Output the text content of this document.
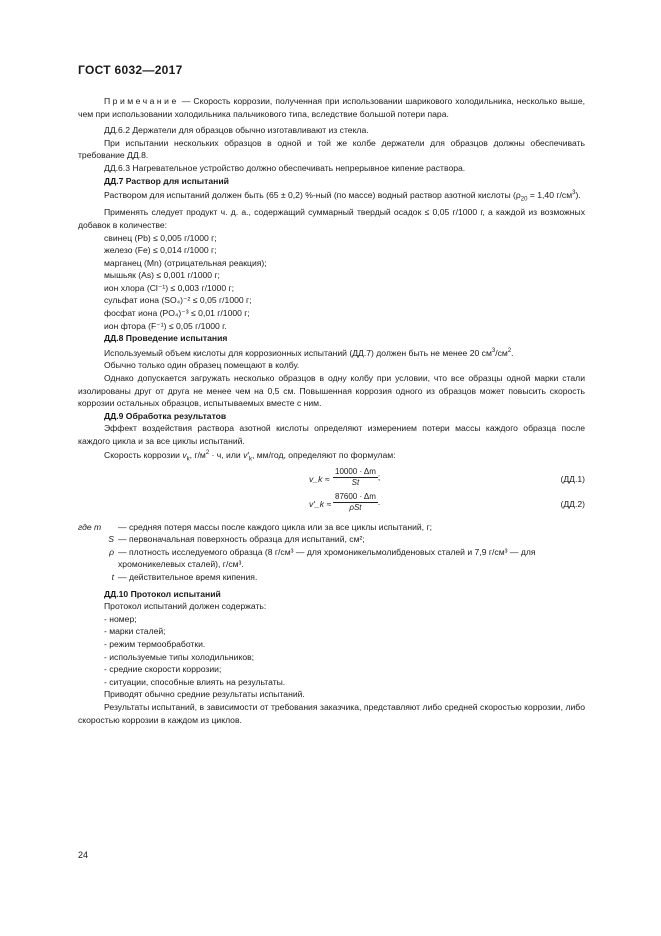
ГОСТ 6032—2017

Примечание — Скорость коррозии, полученная при использовании шарикового холодильника, несколько выше, чем при использовании холодильника пальчикового типа, вследствие большой потери пара.

ДД.6.2 Держатели для образцов обычно изготавливают из стекла.

При испытании нескольких образцов в одной и той же колбе держатели для образцов должны обеспечивать требование ДД.8.

ДД.6.3 Нагревательное устройство должно обеспечивать непрерывное кипение раствора.

ДД.7 Раствор для испытаний

Раствором для испытаний должен быть (65 ± 0,2) %-ный (по массе) водный раствор азотной кислоты ($\rho_{20} = 1,40$ $г/см^3$).

Применять следует продукт ч. д. а., содержащий суммарный твердый осадок ≤ 0,05 г/1000 г, а каждой из возможных добавок в количестве:

свинец (Pb) ≤ 0,005 г/1000 г;
железо (Fe) ≤ 0,014 г/1000 г;
марганец (Mn) (отрицательная реакция);
мышьяк (As) ≤ 0,001 г/1000 г;
ион хлора (Cl⁻¹) ≤ 0,003 г/1000 г;
сульфат иона (SO₄)⁻² ≤ 0,05 г/1000 г;
фосфат иона (PO₄)⁻³ ≤ 0,01 г/1000 г;
ион фтора (F⁻¹) ≤ 0,05 г/1000 г.

ДД.8 Проведение испытания

Используемый объем кислоты для коррозионных испытаний (ДД.7) должен быть не менее 20 $см^3/см^2$.

Обычно только один образец помещают в колбу.

Однако допускается загружать несколько образцов в одну колбу при условии, что все образцы одной марки стали изолированы друг от друга не менее чем на 0,5 см. Повышенная коррозия одного из образцов может повысить скорость коррозии остальных образцов, испытываемых вместе с ним.

ДД.9 Обработка результатов

Эффект воздействия раствора азотной кислоты определяют измерением потери массы каждого образца после каждого цикла и за все циклы испытаний.

Скорость коррозии $v_k$, $г/м^2 \cdot ч$, или $v'_k$, мм/год, определяют по формулам:

v_k ≈ $\frac{10000 \cdot \Delta m}{St}$ ;	(ДД.1)
v′_k ≈ $\frac{87600 \cdot \Delta m}{\text{ρSt}}$ .	(ДД.2)
где m	— средняя потеря массы после каждого цикла или за все циклы испытаний, г;
S	— первоначальная поверхность образца для испытаний, см²;
ρ	— плотность исследуемого образца (8 г/см³ — для хромоникельмолибденовых сталей и 7,9 г/см³ — для хромоникелевых сталей), г/см³.
t	— действительное время кипения.

ДД.10 Протокол испытаний

Протокол испытаний должен содержать:

- номер;
- марки сталей;
- режим термообработки.
- используемые типы холодильников;
- средние скорости коррозии;
- ситуации, способные влиять на результаты.

Приводят обычно средние результаты испытаний.

Результаты испытаний, в зависимости от требования заказчика, представляют либо средней скоростью коррозии, либо скоростью коррозии в каждом из циклов.

24
